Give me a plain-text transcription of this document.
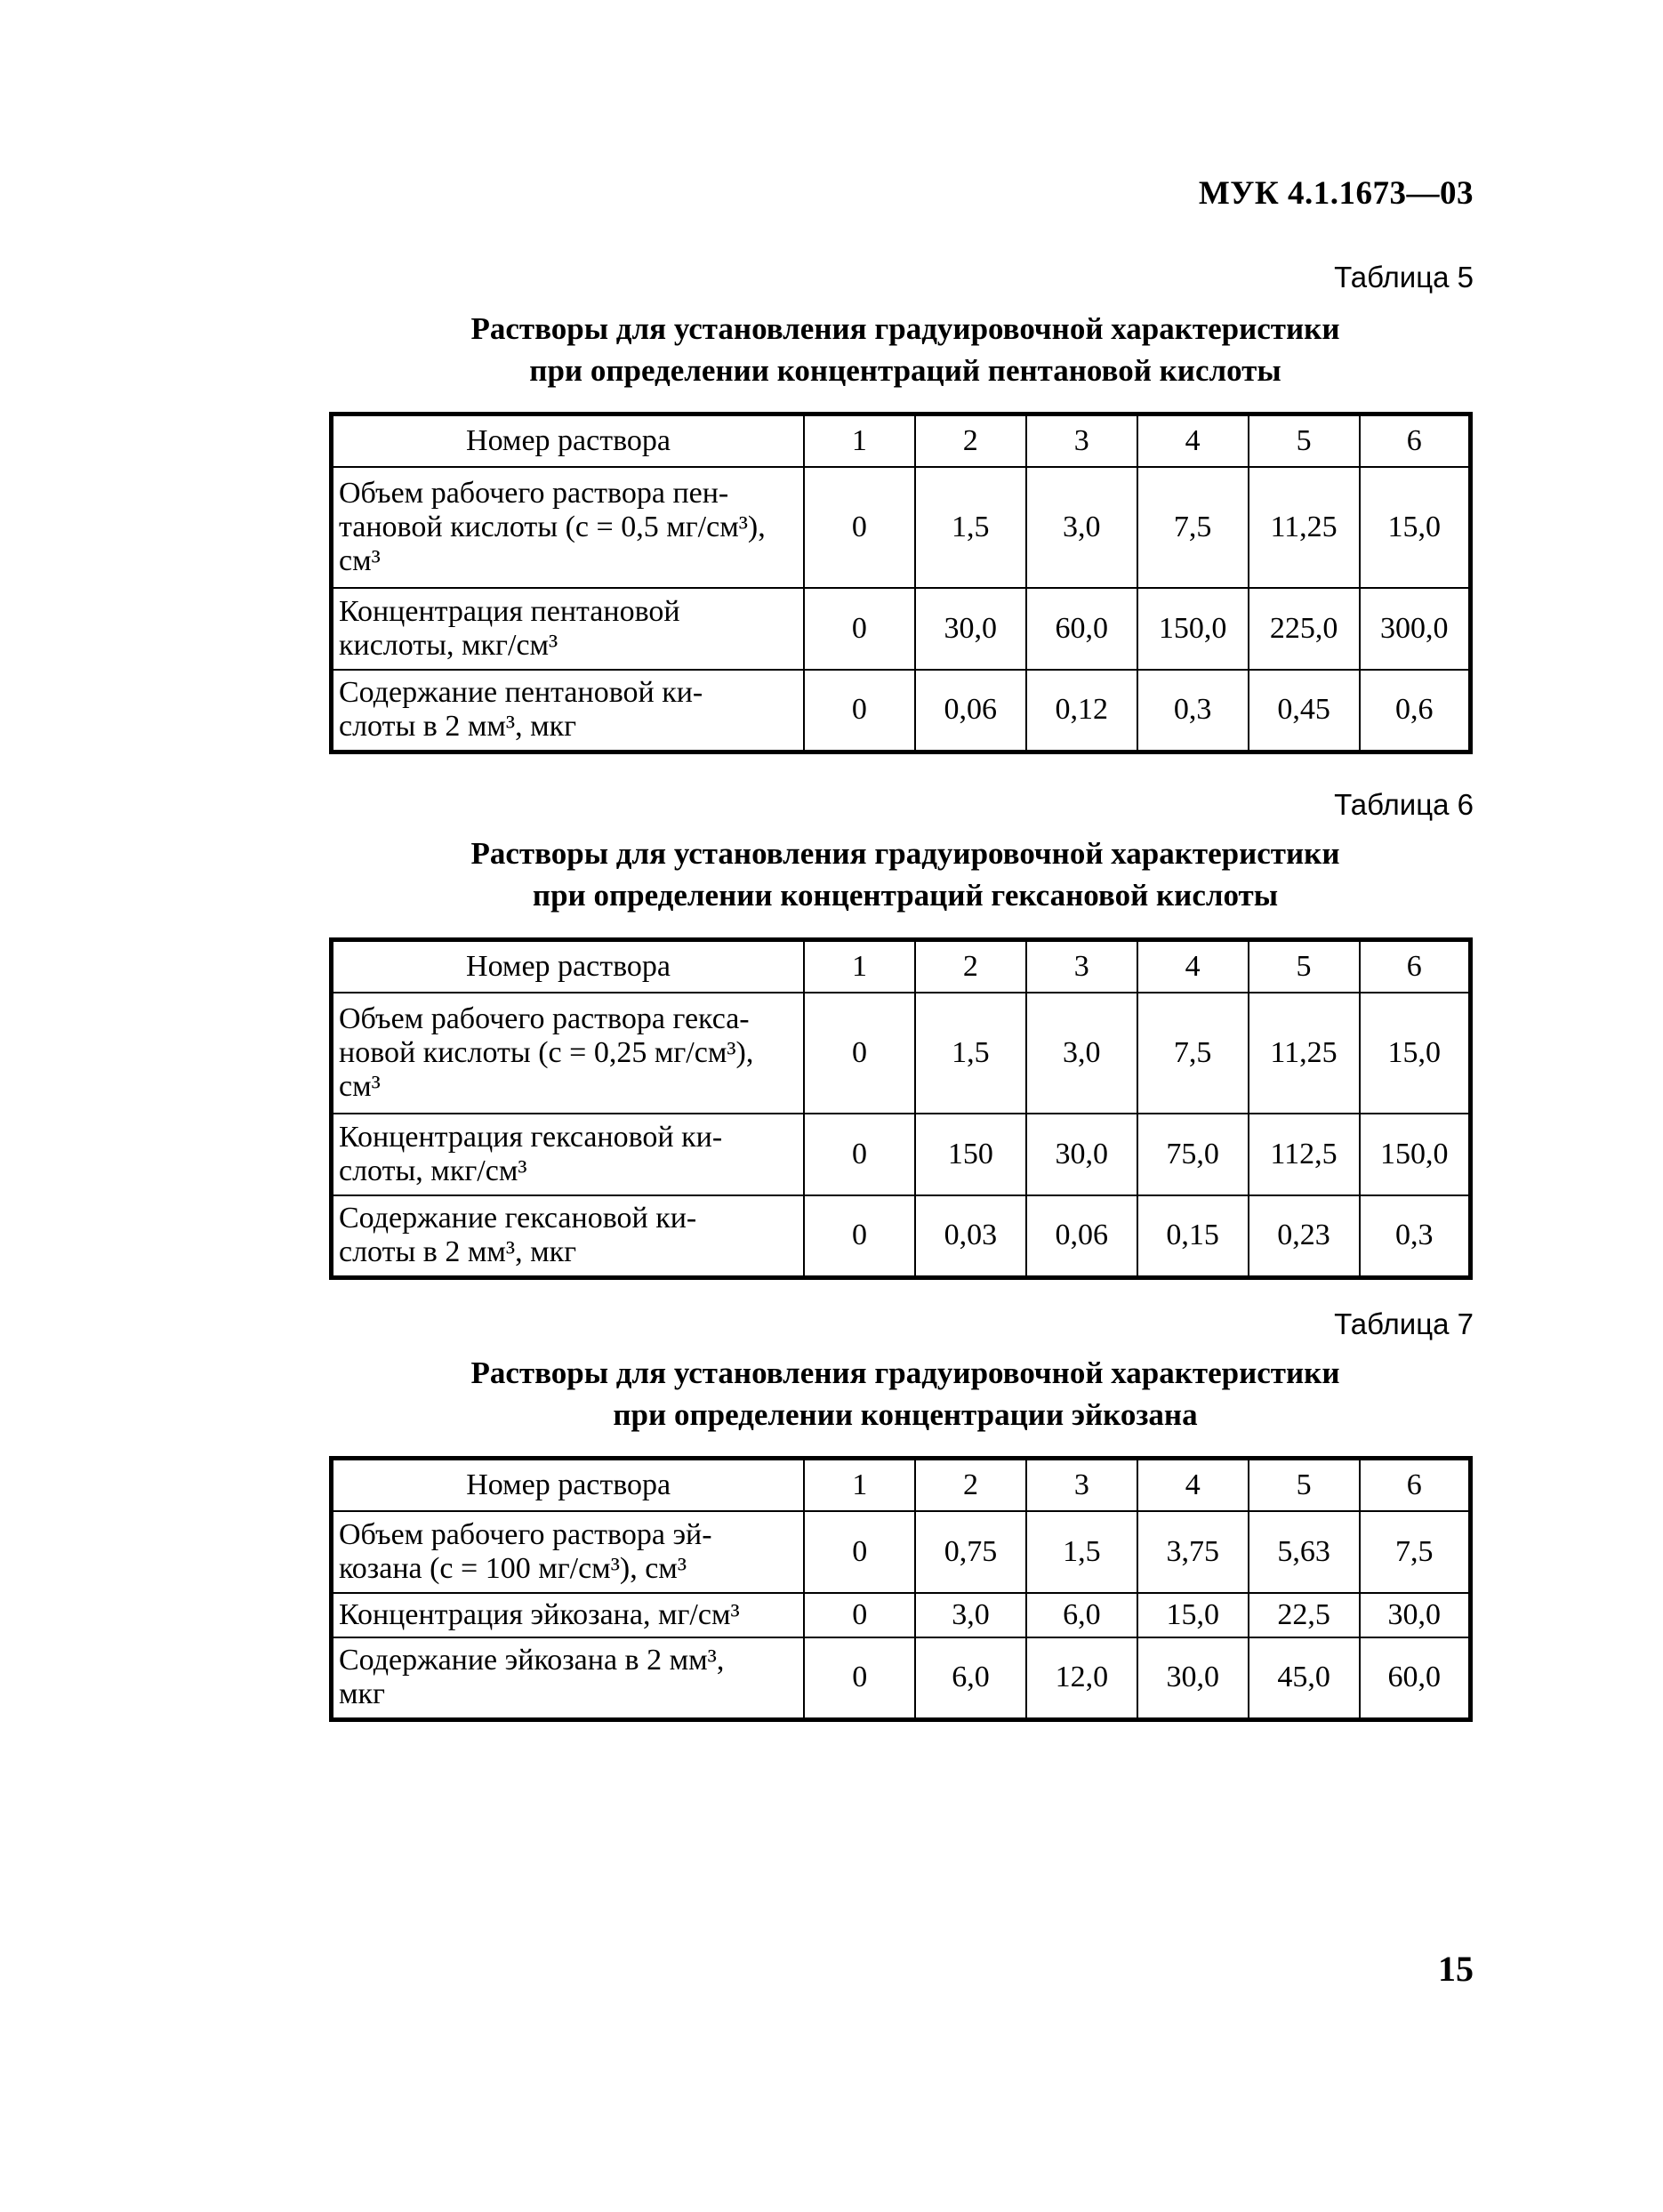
МУК 4.1.1673—03
Таблица 5
Растворы для установления градуировочной характеристики
при определении концентраций пентановой кислоты
Номер раствора	1	2	3	4	5	6

Объем рабочего раствора пен-
тановой кислоты (с = 0,5 мг/см³),
см³	0	1,5	3,0	7,5	11,25	15,0

Концентрация пентановой
кислоты, мкг/см³	0	30,0	60,0	150,0	225,0	300,0

Содержание пентановой ки-
слоты в 2 мм³, мкг	0	0,06	0,12	0,3	0,45	0,6
Таблица 6
Растворы для установления градуировочной характеристики
при определении концентраций гексановой кислоты
Номер раствора	1	2	3	4	5	6

Объем рабочего раствора гекса-
новой кислоты (с = 0,25 мг/см³),
см³	0	1,5	3,0	7,5	11,25	15,0

Концентрация гексановой ки-
слоты, мкг/см³	0	150	30,0	75,0	112,5	150,0

Содержание гексановой ки-
слоты в 2 мм³, мкг	0	0,03	0,06	0,15	0,23	0,3
Таблица 7
Растворы для установления градуировочной характеристики
при определении концентрации эйкозана
Номер раствора	1	2	3	4	5	6

Объем рабочего раствора эй-
козана (с = 100 мг/см³), см³	0	0,75	1,5	3,75	5,63	7,5

Концентрация эйкозана, мг/см³	0	3,0	6,0	15,0	22,5	30,0

Содержание эйкозана в 2 мм³,
мкг	0	6,0	12,0	30,0	45,0	60,0
15
